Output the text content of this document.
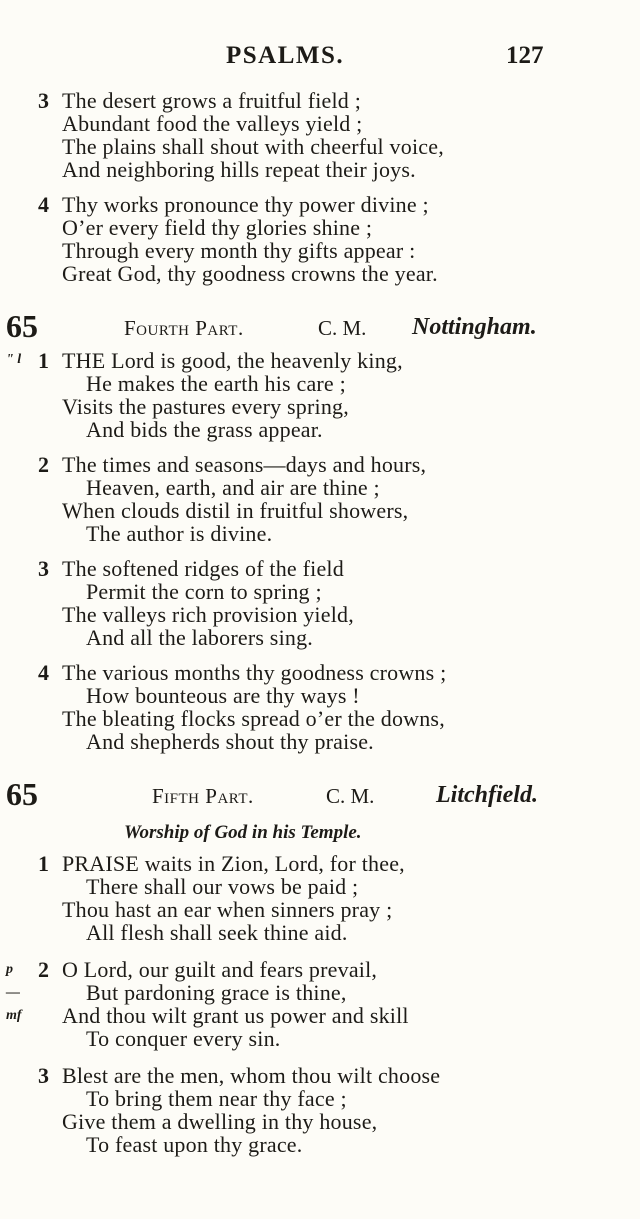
PSALMS.	127
3 The desert grows a fruitful field ;
Abundant food the valleys yield ;
The plains shall shout with cheerful voice,
And neighboring hills repeat their joys.
4 Thy works pronounce thy power divine ;
O’er every field thy glories shine ;
Through every month thy gifts appear :
Great God, thy goodness crowns the year.
65	Fourth Part.	C. M. Nottingham.
" l 1 THE Lord is good, the heavenly king,
He makes the earth his care ;
Visits the pastures every spring,
And bids the grass appear.
2 The times and seasons—days and hours,
Heaven, earth, and air are thine ;
When clouds distil in fruitful showers,
The author is divine.
3 The softened ridges of the field
Permit the corn to spring ;
The valleys rich provision yield,
And all the laborers sing.
4 The various months thy goodness crowns ;
How bounteous are thy ways !
The bleating flocks spread o’er the downs,
And shepherds shout thy praise.
65	Fifth Part.	C. M.	Litchfield.
Worship of God in his Temple.
1 PRAISE waits in Zion, Lord, for thee,
There shall our vows be paid ;
Thou hast an ear when sinners pray ;
All flesh shall seek thine aid.
p
—
mf
2 O Lord, our guilt and fears prevail,
But pardoning grace is thine,
And thou wilt grant us power and skill
To conquer every sin.
3 Blest are the men, whom thou wilt choose
To bring them near thy face ;
Give them a dwelling in thy house,
To feast upon thy grace.
